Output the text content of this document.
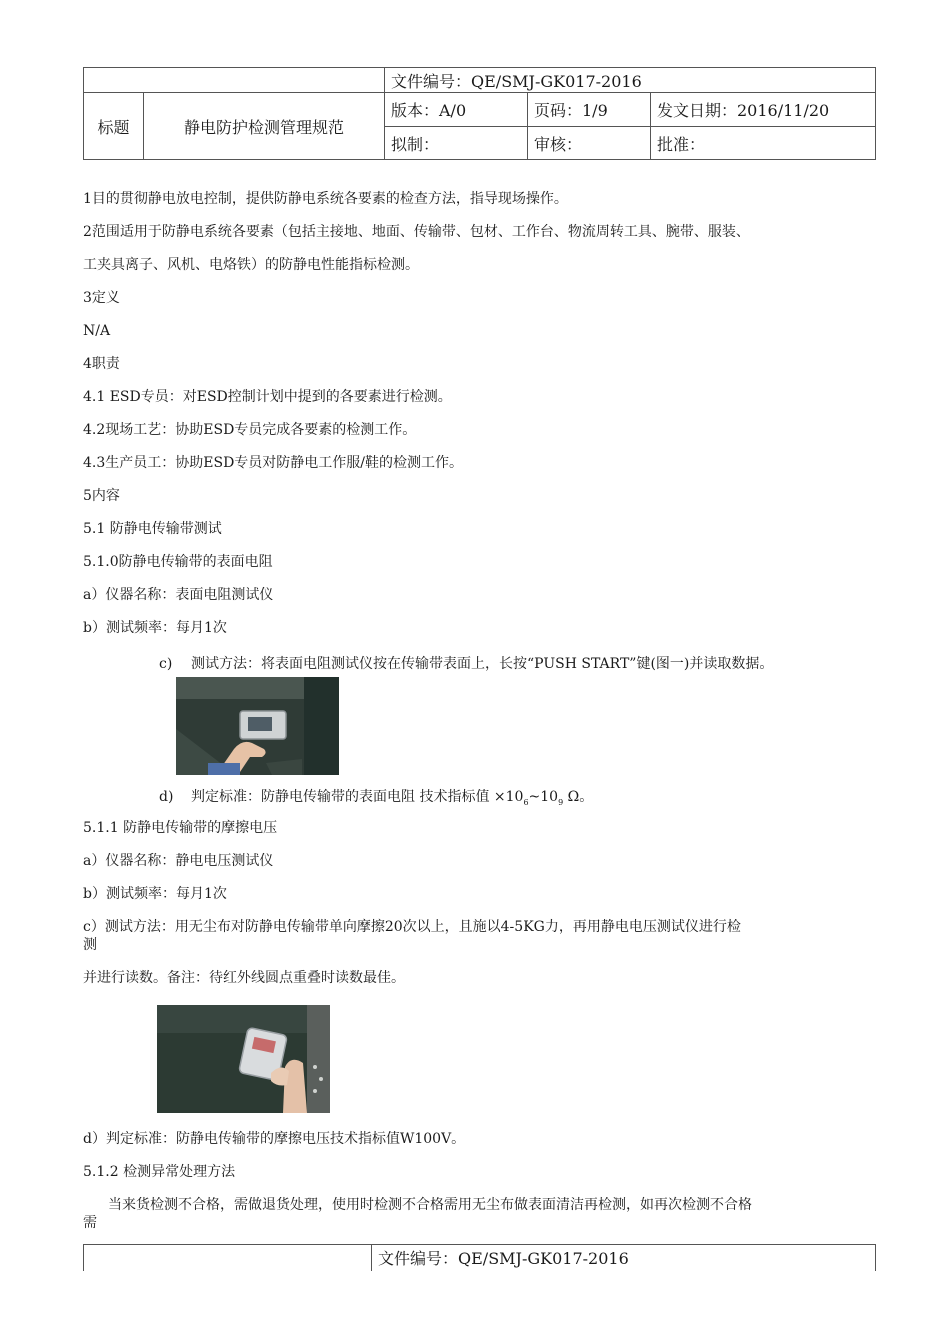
		文件编号：QE/SMJ-GK017-2016		
标题	静电防护检测管理规范	版本：A/0	页码：1/9	发文日期：2016/11/20
		拟制：	审核：	批准：
1目的贯彻静电放电控制，提供防静电系统各要素的检查方法，指导现场操作。
2范围适用于防静电系统各要素（包括主接地、地面、传输带、包材、工作台、物流周转工具、腕带、服装、
工夹具离子、风机、电烙铁）的防静电性能指标检测。
3定义
N/A
4职责
4.1 ESD专员：对ESD控制计划中提到的各要素进行检测。
4.2现场工艺：协助ESD专员完成各要素的检测工作。
4.3生产员工：协助ESD专员对防静电工作服/鞋的检测工作。
5内容
5.1 防静电传输带测试
5.1.0防静电传输带的表面电阻
a）仪器名称：表面电阻测试仪
b）测试频率：每月1次
c) 测试方法：将表面电阻测试仪按在传输带表面上，长按“PUSH START”键(图一)并读取数据。
d) 判定标准：防静电传输带的表面电阻 技术指标值 $\times 10_6\sim 10_9$ Ω。
5.1.1 防静电传输带的摩擦电压
a）仪器名称：静电电压测试仪
b）测试频率：每月1次
c）测试方法：用无尘布对防静电传输带单向摩擦20次以上，且施以4-5KG力，再用静电电压测试仪进行检
测
并进行读数。备注：待红外线圆点重叠时读数最佳。
d）判定标准：防静电传输带的摩擦电压技术指标值W100V。
5.1.2 检测异常处理方法
当来货检测不合格，需做退货处理，使用时检测不合格需用无尘布做表面清洁再检测，如再次检测不合格
需
	文件编号：QE/SMJ-GK017-2016
